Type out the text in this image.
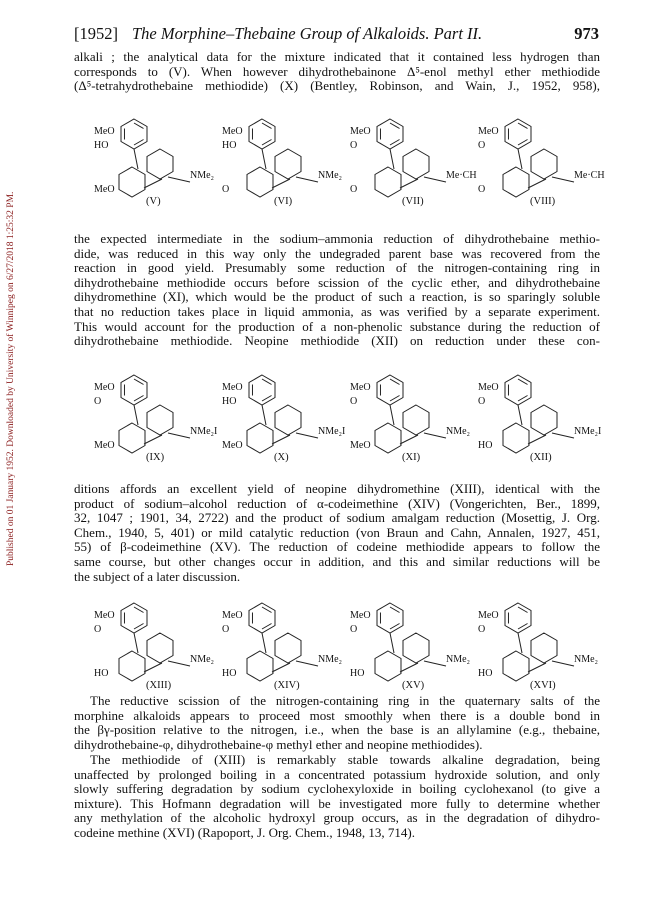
Published on 01 January 1952. Downloaded by University of Winnipeg on 6/27/2018 1:25:32 PM.
[1952] The Morphine–Thebaine Group of Alkaloids. Part II.	973
alkali ; the analytical data for the mixture indicated that it contained less hydrogen than
corresponds to (V). When however dihydrothebainone Δ⁵-enol methyl ether methiodide
(Δ⁵-tetrahydrothebaine methiodide) (X) (Bentley, Robinson, and Wain, J., 1952, 958),
MeO
HO
NMe₂
MeO
(V)
MeO
HO
NMe₂
O
(VI)
MeO
O
Me·CH
O
(VII)
MeO
O
Me·CH
O
(VIII)
the expected intermediate in the sodium–ammonia reduction of dihydrothebaine methio-
dide, was reduced in this way only the undegraded parent base was recovered from the
reaction in good yield. Presumably some reduction of the nitrogen-containing ring in
dihydrothebaine methiodide occurs before scission of the cyclic ether, and dihydrothebaine
dihydromethine (XI), which would be the product of such a reaction, is so sparingly soluble
that no reduction takes place in liquid ammonia, as was verified by a separate experiment.
This would account for the production of a non-phenolic substance during the reduction of
dihydrothebaine methiodide. Neopine methiodide (XII) on reduction under these con-
MeO
O
NMe₂I
MeO
(IX)
MeO
HO
NMe₂I
MeO
(X)
MeO
O
NMe₂
MeO
(XI)
MeO
O
NMe₂I
HO
(XII)
ditions affords an excellent yield of neopine dihydromethine (XIII), identical with the
product of sodium–alcohol reduction of α-codeimethine (XIV) (Vongerichten, Ber., 1899,
32, 1047 ; 1901, 34, 2722) and the product of sodium amalgam reduction (Mosettig, J. Org.
Chem., 1940, 5, 401) or mild catalytic reduction (von Braun and Cahn, Annalen, 1927, 451,
55) of β-codeimethine (XV). The reduction of codeine methiodide appears to follow the
same course, but other changes occur in addition, and this and similar reductions will be
the subject of a later discussion.
MeO
O
NMe₂
HO
(XIII)
MeO
O
NMe₂
HO
(XIV)
MeO
O
NMe₂
HO
(XV)
MeO
O
NMe₂
HO
(XVI)
The reductive scission of the nitrogen-containing ring in the quaternary salts of the
morphine alkaloids appears to proceed most smoothly when there is a double bond in
the βγ-position relative to the nitrogen, i.e., when the base is an allylamine (e.g., thebaine,
dihydrothebaine-φ, dihydrothebaine-φ methyl ether and neopine methiodides).
The methiodide of (XIII) is remarkably stable towards alkaline degradation, being
unaffected by prolonged boiling in a concentrated potassium hydroxide solution, and only
slowly suffering degradation by sodium cyclohexyloxide in boiling cyclohexanol (to give a
mixture). This Hofmann degradation will be investigated more fully to determine whether
any methylation of the alcoholic hydroxyl group occurs, as in the degradation of dihydro-
codeine methine (XVI) (Rapoport, J. Org. Chem., 1948, 13, 714).
